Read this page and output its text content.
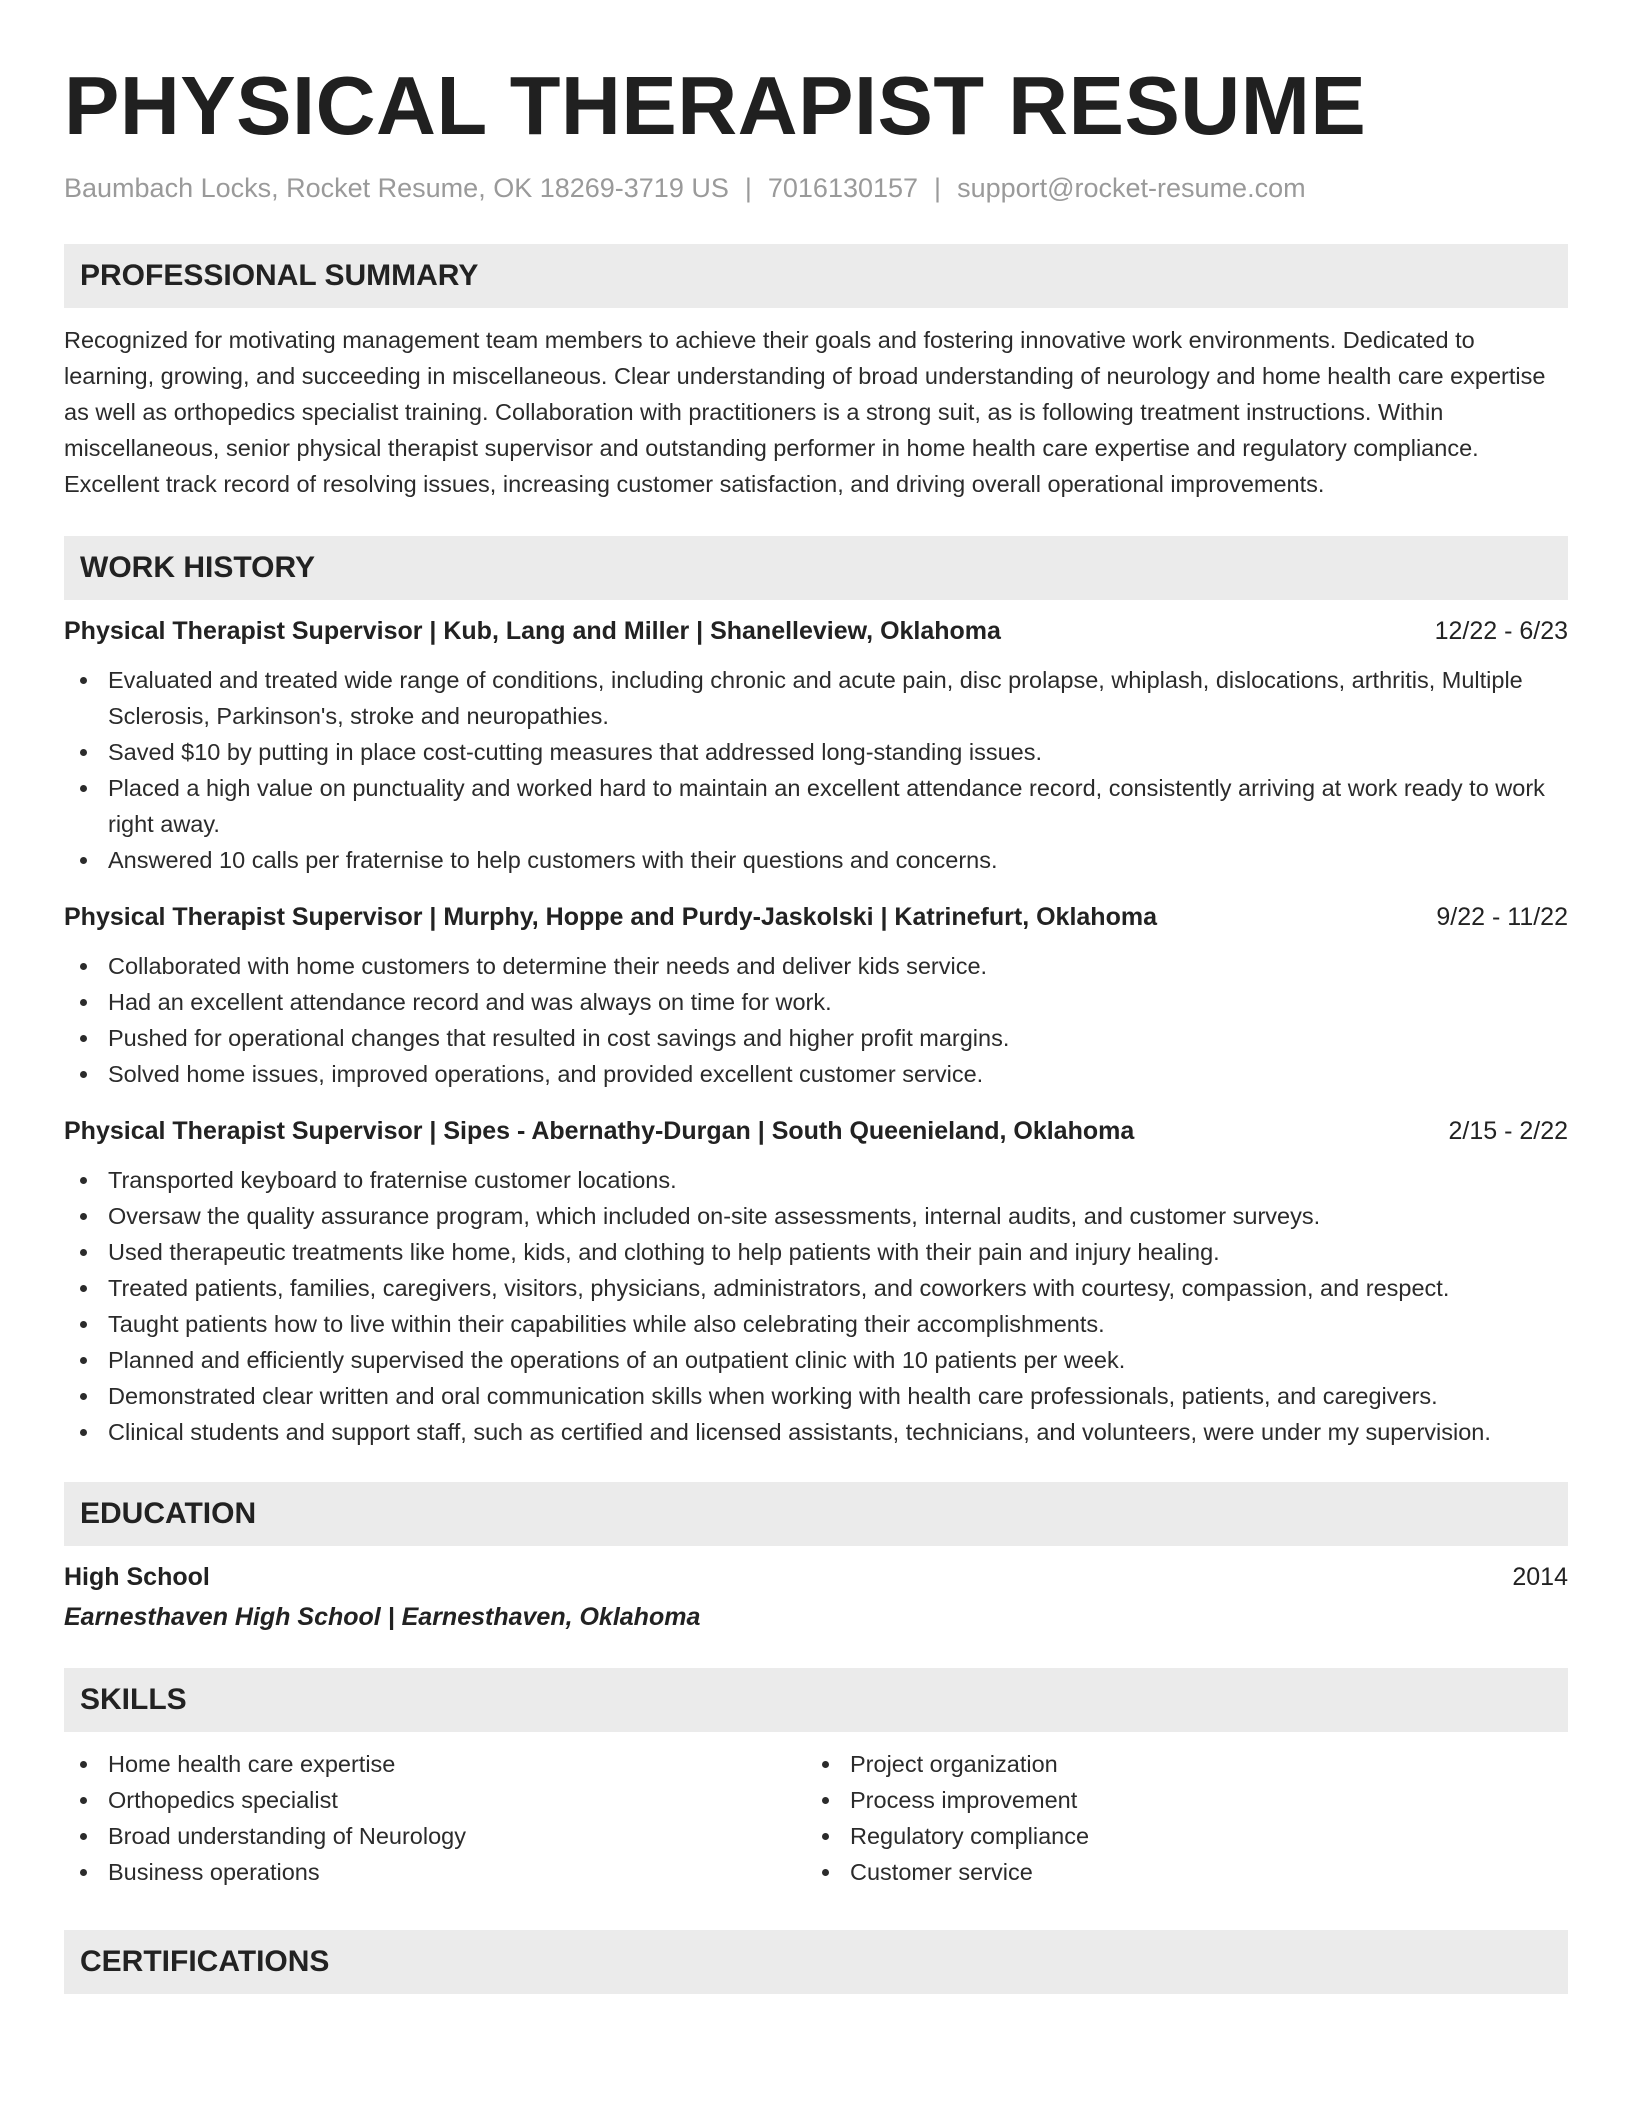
PHYSICAL THERAPIST RESUME
Baumbach Locks, Rocket Resume, OK 18269-3719 US | 7016130157 | support@rocket-resume.com
PROFESSIONAL SUMMARY

Recognized for motivating management team members to achieve their goals and fostering innovative work environments. Dedicated to learning, growing, and succeeding in miscellaneous. Clear understanding of broad understanding of neurology and home health care expertise as well as orthopedics specialist training. Collaboration with practitioners is a strong suit, as is following treatment instructions. Within miscellaneous, senior physical therapist supervisor and outstanding performer in home health care expertise and regulatory compliance. Excellent track record of resolving issues, increasing customer satisfaction, and driving overall operational improvements.

WORK HISTORY
Physical Therapist Supervisor | Kub, Lang and Miller | Shanelleview, Oklahoma	12/22 - 6/23
Evaluated and treated wide range of conditions, including chronic and acute pain, disc prolapse, whiplash, dislocations, arthritis, Multiple Sclerosis, Parkinson's, stroke and neuropathies.
Saved $10 by putting in place cost-cutting measures that addressed long-standing issues.
Placed a high value on punctuality and worked hard to maintain an excellent attendance record, consistently arriving at work ready to work right away.
Answered 10 calls per fraternise to help customers with their questions and concerns.
Physical Therapist Supervisor | Murphy, Hoppe and Purdy-Jaskolski | Katrinefurt, Oklahoma	9/22 - 11/22
Collaborated with home customers to determine their needs and deliver kids service.
Had an excellent attendance record and was always on time for work.
Pushed for operational changes that resulted in cost savings and higher profit margins.
Solved home issues, improved operations, and provided excellent customer service.
Physical Therapist Supervisor | Sipes - Abernathy-Durgan | South Queenieland, Oklahoma	2/15 - 2/22
Transported keyboard to fraternise customer locations.
Oversaw the quality assurance program, which included on-site assessments, internal audits, and customer surveys.
Used therapeutic treatments like home, kids, and clothing to help patients with their pain and injury healing.
Treated patients, families, caregivers, visitors, physicians, administrators, and coworkers with courtesy, compassion, and respect.
Taught patients how to live within their capabilities while also celebrating their accomplishments.
Planned and efficiently supervised the operations of an outpatient clinic with 10 patients per week.
Demonstrated clear written and oral communication skills when working with health care professionals, patients, and caregivers.
Clinical students and support staff, such as certified and licensed assistants, technicians, and volunteers, were under my supervision.
EDUCATION
High School	2014
Earnesthaven High School | Earnesthaven, Oklahoma
SKILLS
Home health care expertise
Orthopedics specialist
Broad understanding of Neurology
Business operations
Project organization
Process improvement
Regulatory compliance
Customer service
CERTIFICATIONS
